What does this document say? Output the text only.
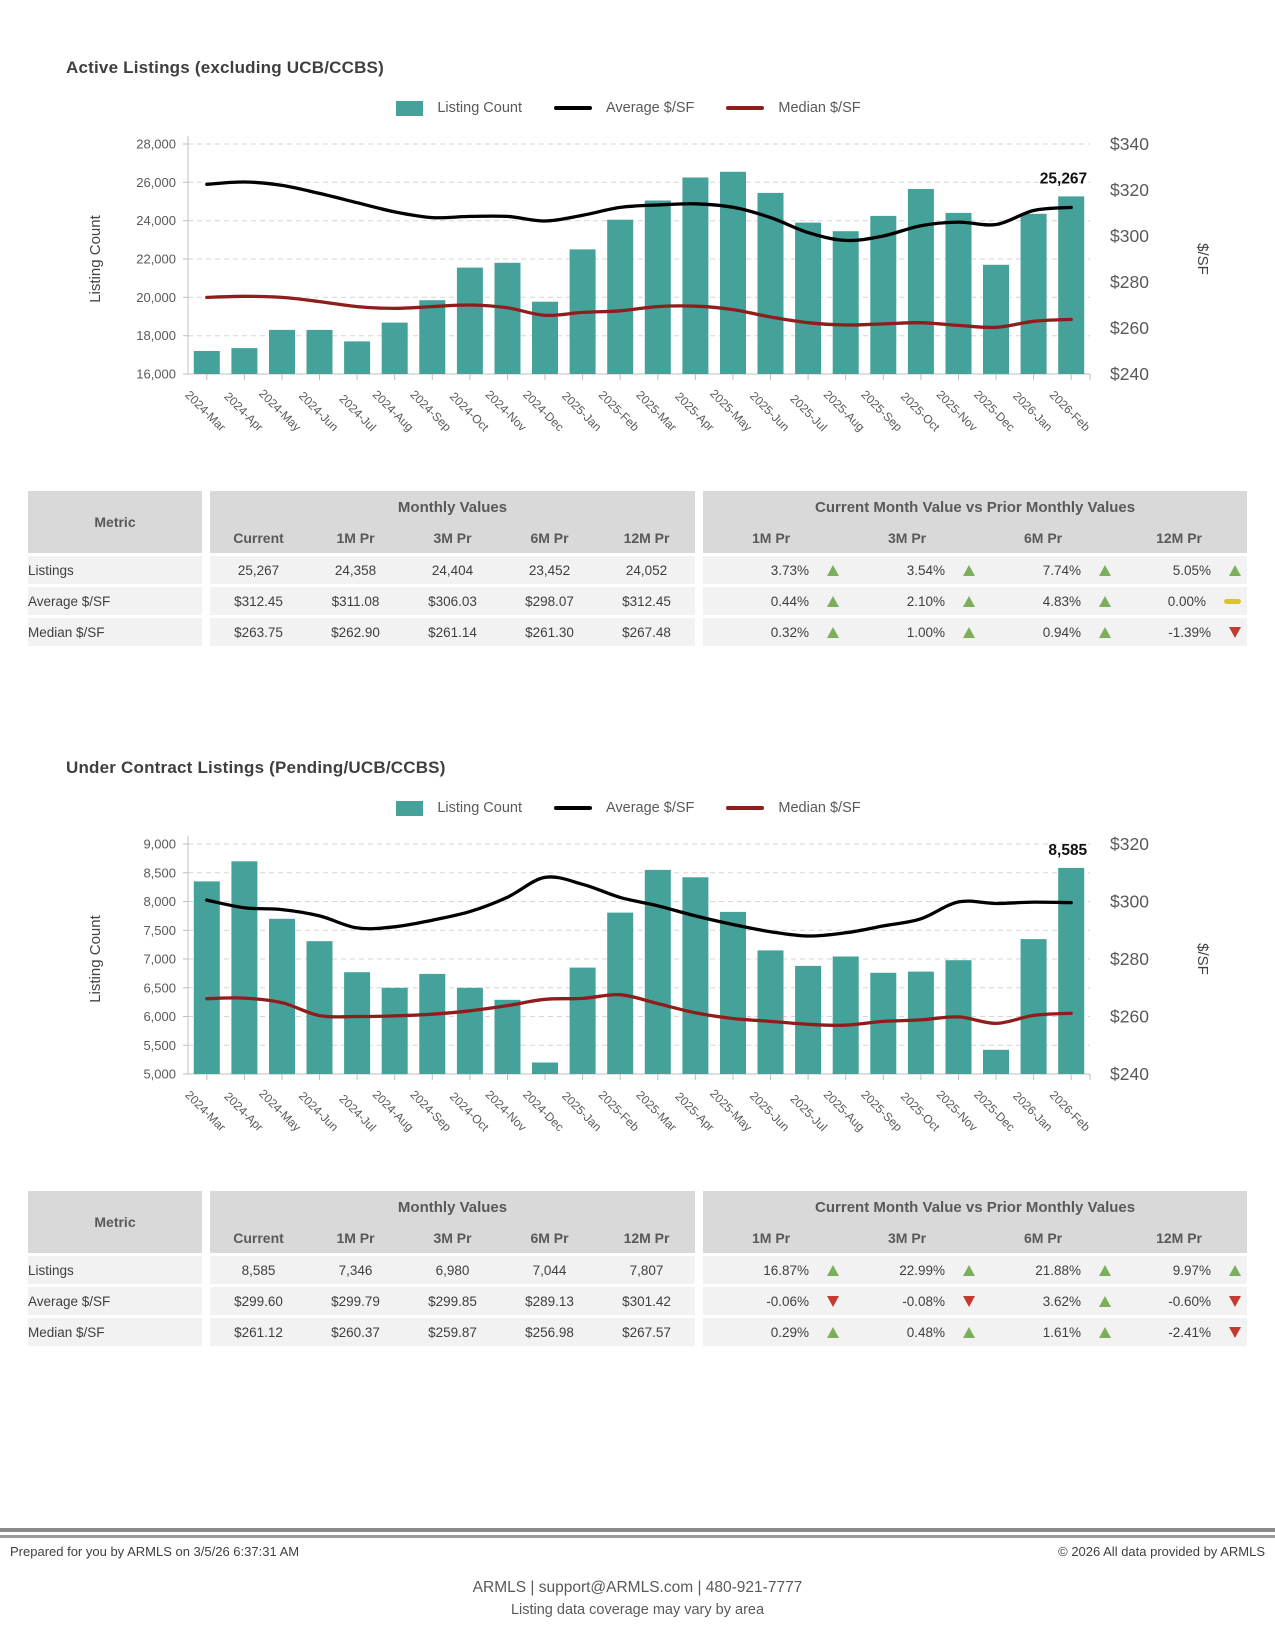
Active Listings (excluding UCB/CCBS)
Listing Count	Average $/SF	Median $/SF
16,000
18,000
20,000
22,000
24,000
26,000
28,000
$240
$260
$280
$300
$320
$340
2024-Mar
2024-Apr
2024-May
2024-Jun
2024-Jul
2024-Aug
2024-Sep
2024-Oct
2024-Nov
2024-Dec
2025-Jan
2025-Feb
2025-Mar
2025-Apr
2025-May
2025-Jun
2025-Jul
2025-Aug
2025-Sep
2025-Oct
2025-Nov
2025-Dec
2026-Jan
2026-Feb
25,267
Listing Count	$/SF
Metric		Monthly Values						Current Month Value vs Prior Monthly Values			
		Current	1M Pr	3M Pr	6M Pr	12M Pr		1M Pr	3M Pr	6M Pr	12M Pr
Listings		25,267	24,358	24,404	23,452	24,052		3.73%	3.54%	7.74%	5.05%
Average $/SF		$312.45	$311.08	$306.03	$298.07	$312.45		0.44%	2.10%	4.83%	0.00%
Median $/SF		$263.75	$262.90	$261.14	$261.30	$267.48		0.32%	1.00%	0.94%	-1.39%
Under Contract Listings (Pending/UCB/CCBS)
Listing Count	Average $/SF	Median $/SF
5,000
5,500
6,000
6,500
7,000
7,500
8,000
8,500
9,000
$240
$260
$280
$300
$320
2024-Mar
2024-Apr
2024-May
2024-Jun
2024-Jul
2024-Aug
2024-Sep
2024-Oct
2024-Nov
2024-Dec
2025-Jan
2025-Feb
2025-Mar
2025-Apr
2025-May
2025-Jun
2025-Jul
2025-Aug
2025-Sep
2025-Oct
2025-Nov
2025-Dec
2026-Jan
2026-Feb
8,585
Listing Count	$/SF
Metric		Monthly Values						Current Month Value vs Prior Monthly Values			
		Current	1M Pr	3M Pr	6M Pr	12M Pr		1M Pr	3M Pr	6M Pr	12M Pr
Listings		8,585	7,346	6,980	7,044	7,807		16.87%	22.99%	21.88%	9.97%
Average $/SF		$299.60	$299.79	$299.85	$289.13	$301.42		-0.06%	-0.08%	3.62%	-0.60%
Median $/SF		$261.12	$260.37	$259.87	$256.98	$267.57		0.29%	0.48%	1.61%	-2.41%
Prepared for you by ARMLS on 3/5/26 6:37:31 AM	© 2026 All data provided by ARMLS
ARMLS | support@ARMLS.com | 480-921-7777
Listing data coverage may vary by area
